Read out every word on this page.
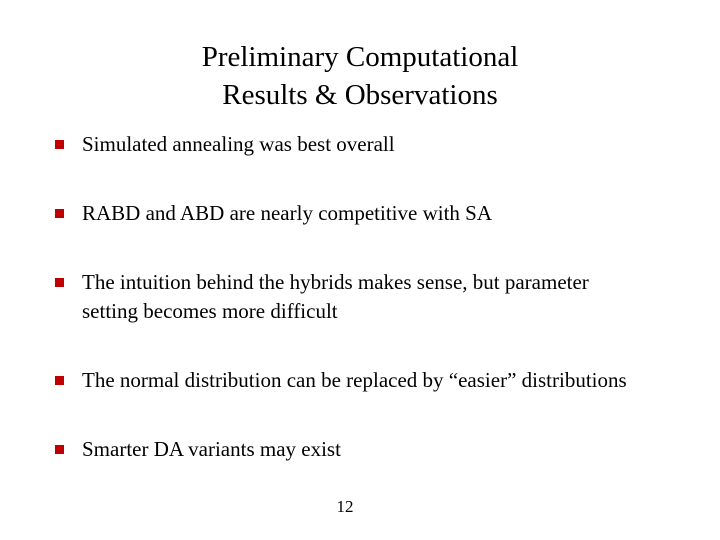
Preliminary Computational
Results & Observations
Simulated annealing was best overall
RABD and ABD are nearly competitive with SA
The intuition behind the hybrids makes sense, but parameter
setting becomes more difficult
The normal distribution can be replaced by “easier” distributions
Smarter DA variants may exist
12
